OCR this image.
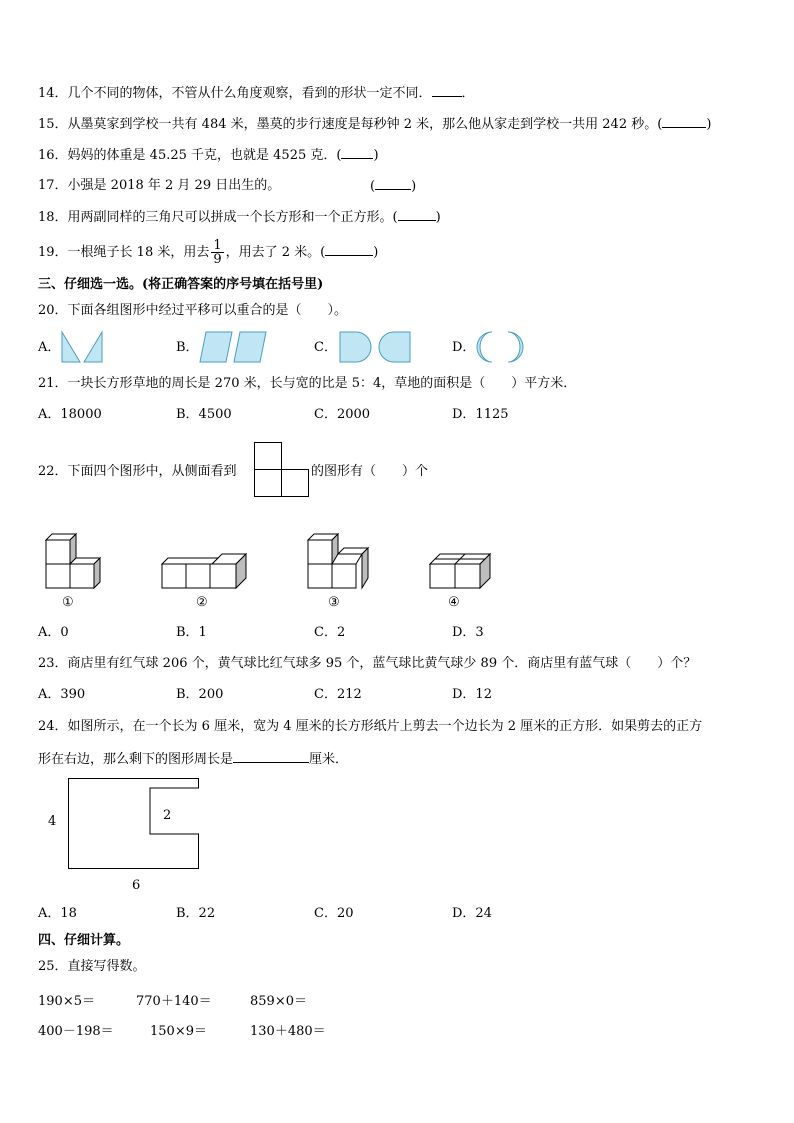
14．几个不同的物体，不管从什么角度观察，看到的形状一定不同． ．
15．从墨莫家到学校一共有 484 米，墨莫的步行速度是每秒钟 2 米，那么他从家走到学校一共用 242 秒。(	)
16．妈妈的体重是 45.25 千克，也就是 4525 克．( )
17．小强是 2018 年 2 月 29 日出生的。	(	)
18．用两副同样的三角尺可以拼成一个长方形和一个正方形。(	)
19．一根绳子长 18 米，用去 $\frac{1}{9}$ ，用去了 2 米。(	)
三、仔细选一选。(将正确答案的序号填在括号里)
20．下面各组图形中经过平移可以重合的是（　　）。
A．	B．	C．	D．
21．一块长方形草地的周长是 270 米，长与宽的比是 5：4，草地的面积是（　　）平方米．
A．18000	B．4500	C．2000	D．1125
22．下面四个图形中，从侧面看到	的图形有（　　）个
①	②	③	④
A．0	B．1	C．2	D．3
23．商店里有红气球 206 个，黄气球比红气球多 95 个，蓝气球比黄气球少 89 个．商店里有蓝气球（　　）个？
A．390	B．200	C．212	D．12
24．如图所示，在一个长为 6 厘米，宽为 4 厘米的长方形纸片上剪去一个边长为 2 厘米的正方形．如果剪去的正方
形在右边，那么剩下的图形周长是	厘米．
4	2
6
A．18	B．22	C．20	D．24
四、仔细计算。
25．直接写得数。
190×5＝	770＋140＝	859×0＝
400－198＝	150×9＝	130＋480＝
